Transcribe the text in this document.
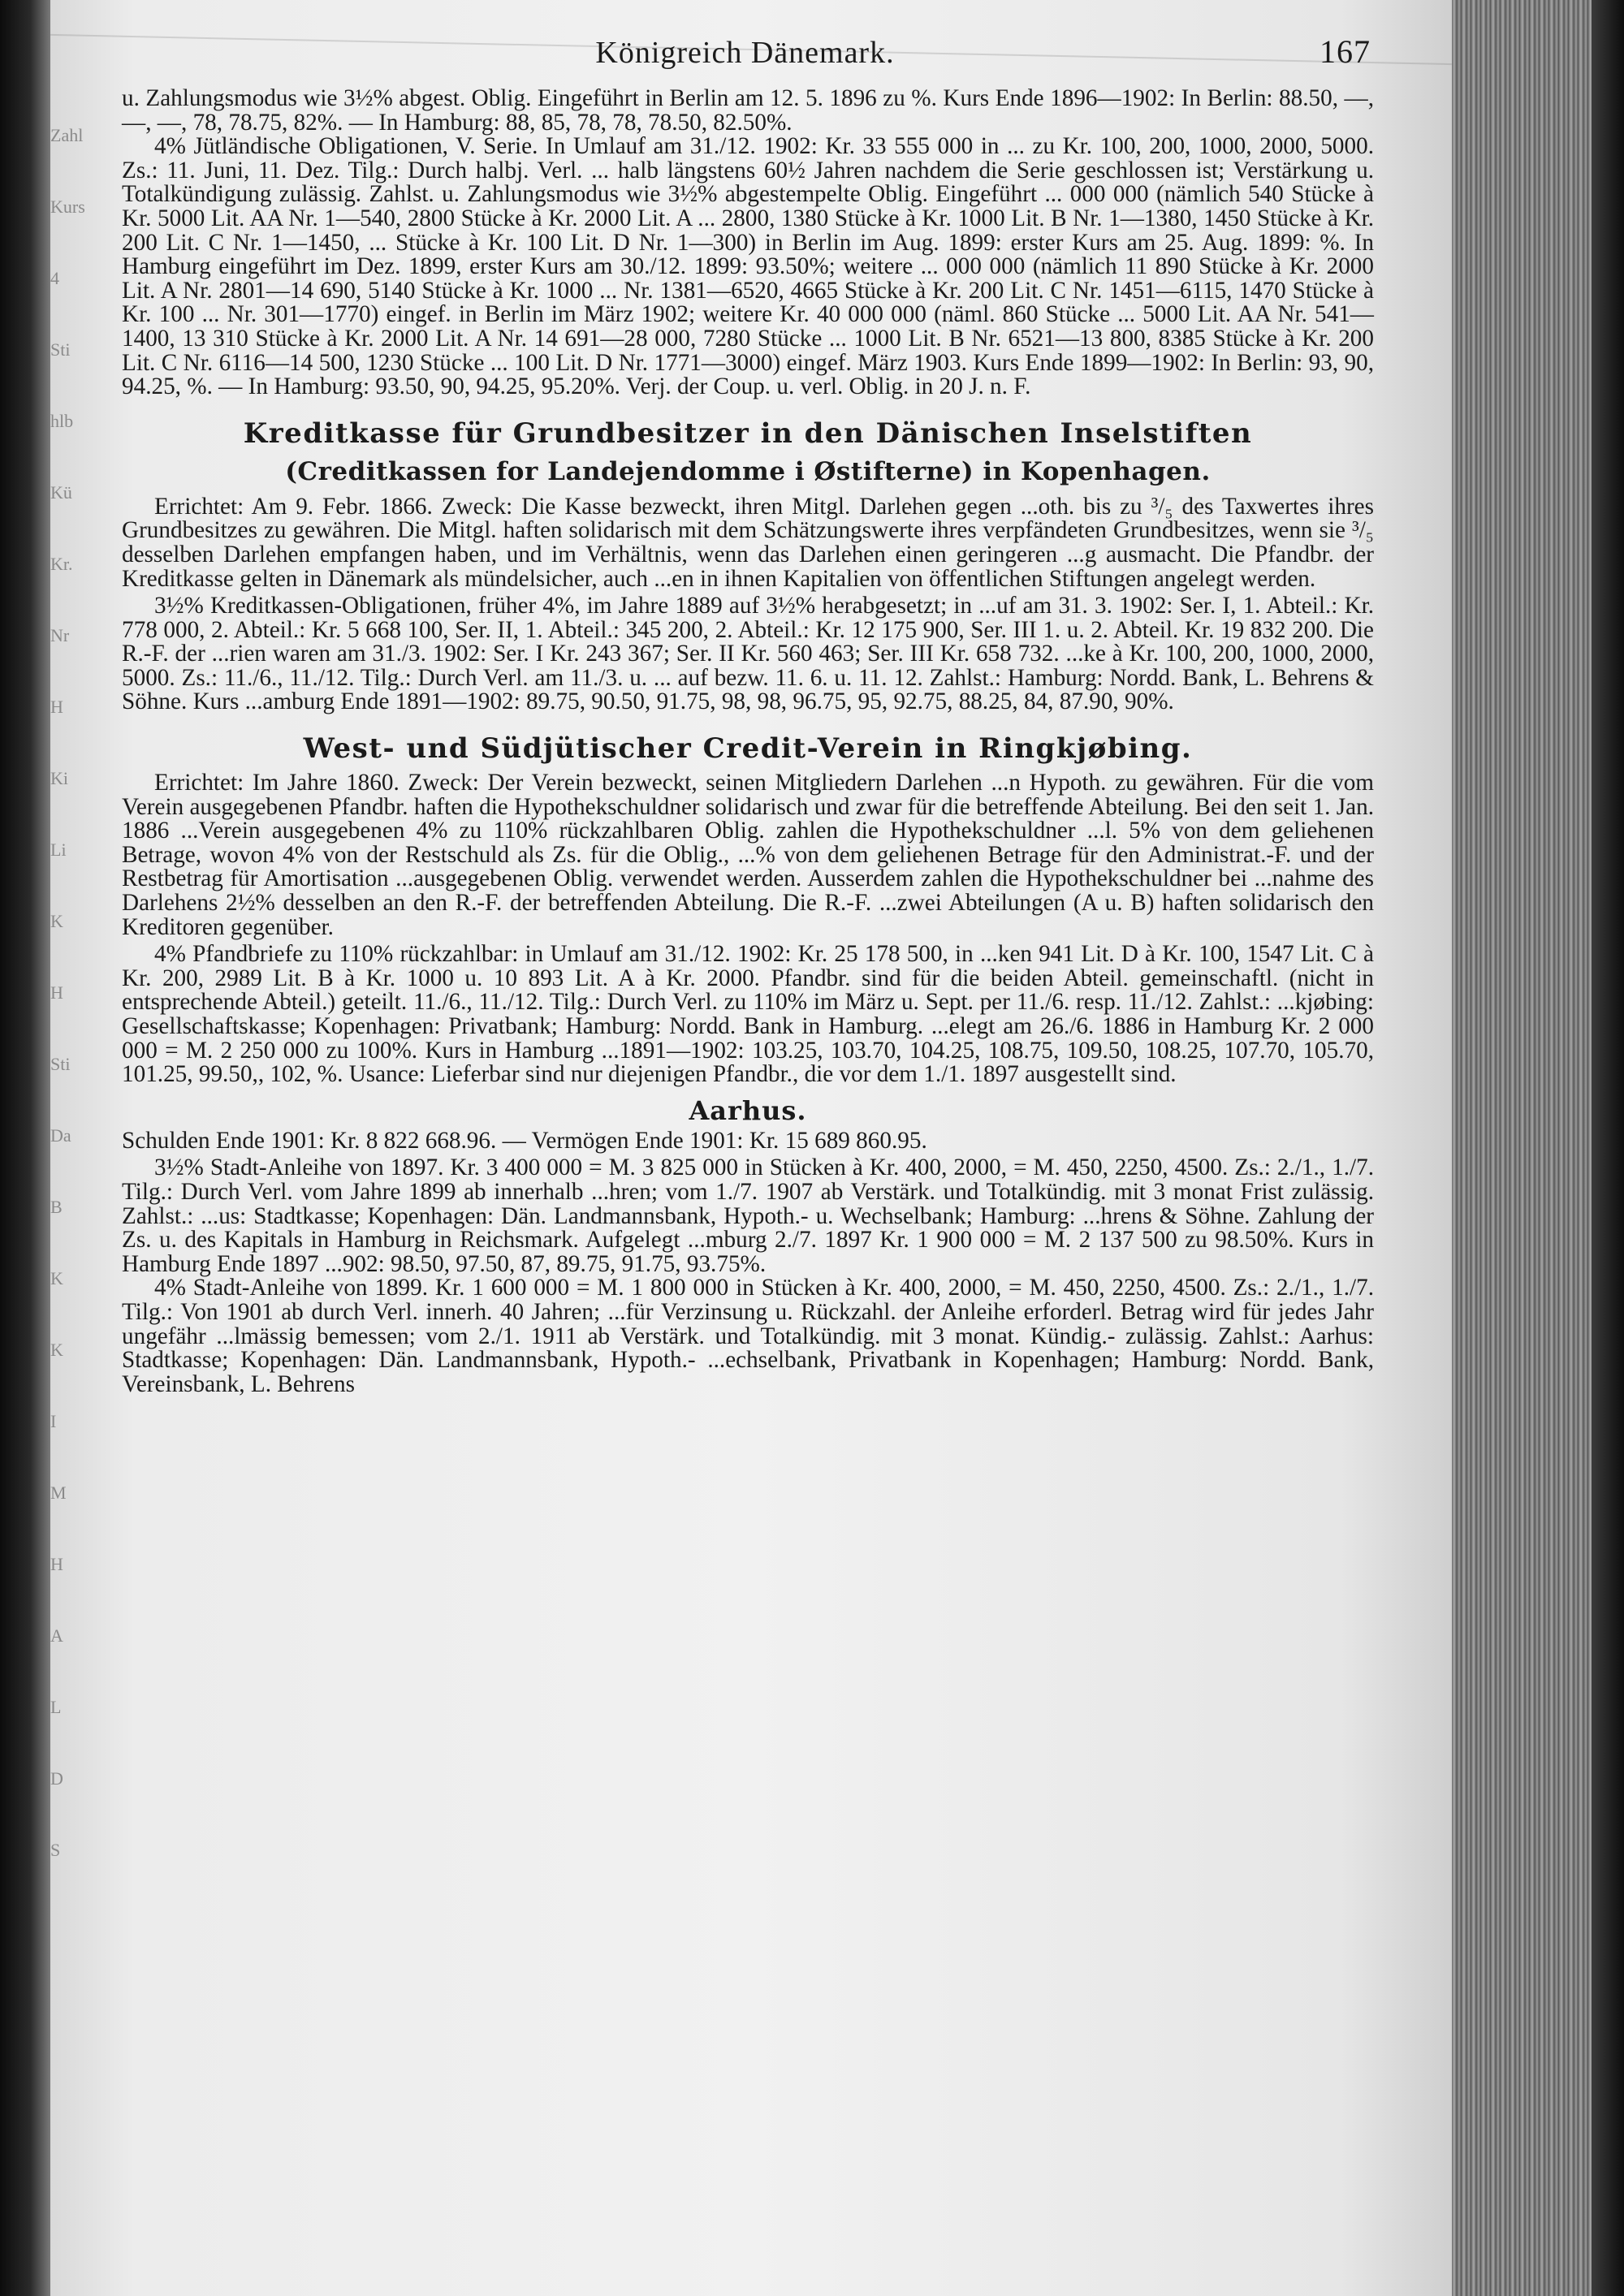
Zahl
Kurs
4
Sti
hlb
Kü
Kr.
Nr
H
Ki
Li
K
H
Sti
Da
B
K
K
I
M
H
A
L
D
S
Königreich Dänemark.	167

u. Zahlungsmodus wie 3½% abgest. Oblig. Eingeführt in Berlin am 12. 5. 1896 zu %. Kurs Ende 1896—1902: In Berlin: 88.50, —, —, —, 78, 78.75, 82%. — In Hamburg: 88, 85, 78, 78, 78.50, 82.50%.

4% Jütländische Obligationen, V. Serie. In Umlauf am 31./12. 1902: Kr. 33 555 000 in ... zu Kr. 100, 200, 1000, 2000, 5000. Zs.: 11. Juni, 11. Dez. Tilg.: Durch halbj. Verl. ... halb längstens 60½ Jahren nachdem die Serie geschlossen ist; Verstärkung u. Totalkündigung zulässig. Zahlst. u. Zahlungsmodus wie 3½% abgestempelte Oblig. Eingeführt ... 000 000 (nämlich 540 Stücke à Kr. 5000 Lit. AA Nr. 1—540, 2800 Stücke à Kr. 2000 Lit. A ... 2800, 1380 Stücke à Kr. 1000 Lit. B Nr. 1—1380, 1450 Stücke à Kr. 200 Lit. C Nr. 1—1450, ... Stücke à Kr. 100 Lit. D Nr. 1—300) in Berlin im Aug. 1899: erster Kurs am 25. Aug. 1899: %. In Hamburg eingeführt im Dez. 1899, erster Kurs am 30./12. 1899: 93.50%; weitere ... 000 000 (nämlich 11 890 Stücke à Kr. 2000 Lit. A Nr. 2801—14 690, 5140 Stücke à Kr. 1000 ... Nr. 1381—6520, 4665 Stücke à Kr. 200 Lit. C Nr. 1451—6115, 1470 Stücke à Kr. 100 ... Nr. 301—1770) eingef. in Berlin im März 1902; weitere Kr. 40 000 000 (näml. 860 Stücke ... 5000 Lit. AA Nr. 541—1400, 13 310 Stücke à Kr. 2000 Lit. A Nr. 14 691—28 000, 7280 Stücke ... 1000 Lit. B Nr. 6521—13 800, 8385 Stücke à Kr. 200 Lit. C Nr. 6116—14 500, 1230 Stücke ... 100 Lit. D Nr. 1771—3000) eingef. März 1903. Kurs Ende 1899—1902: In Berlin: 93, 90, 94.25, %. — In Hamburg: 93.50, 90, 94.25, 95.20%. Verj. der Coup. u. verl. Oblig. in 20 J. n. F.

Kreditkasse für Grundbesitzer in den Dänischen Inselstiften
(Creditkassen for Landejendomme i Østifterne) in Kopenhagen.

Errichtet: Am 9. Febr. 1866. Zweck: Die Kasse bezweckt, ihren Mitgl. Darlehen gegen ...oth. bis zu ³/₅ des Taxwertes ihres Grundbesitzes zu gewähren. Die Mitgl. haften solidarisch mit dem Schätzungswerte ihres verpfändeten Grundbesitzes, wenn sie ³/₅ desselben Darlehen empfangen haben, und im Verhältnis, wenn das Darlehen einen geringeren ...g ausmacht. Die Pfandbr. der Kreditkasse gelten in Dänemark als mündelsicher, auch ...en in ihnen Kapitalien von öffentlichen Stiftungen angelegt werden.

3½% Kreditkassen-Obligationen, früher 4%, im Jahre 1889 auf 3½% herabgesetzt; in ...uf am 31. 3. 1902: Ser. I, 1. Abteil.: Kr. 778 000, 2. Abteil.: Kr. 5 668 100, Ser. II, 1. Abteil.: 345 200, 2. Abteil.: Kr. 12 175 900, Ser. III 1. u. 2. Abteil. Kr. 19 832 200. Die R.-F. der ...rien waren am 31./3. 1902: Ser. I Kr. 243 367; Ser. II Kr. 560 463; Ser. III Kr. 658 732. ...ke à Kr. 100, 200, 1000, 2000, 5000. Zs.: 11./6., 11./12. Tilg.: Durch Verl. am 11./3. u. ... auf bezw. 11. 6. u. 11. 12. Zahlst.: Hamburg: Nordd. Bank, L. Behrens & Söhne. Kurs ...amburg Ende 1891—1902: 89.75, 90.50, 91.75, 98, 98, 96.75, 95, 92.75, 88.25, 84, 87.90, 90%.

West- und Südjütischer Credit-Verein in Ringkjøbing.

Errichtet: Im Jahre 1860. Zweck: Der Verein bezweckt, seinen Mitgliedern Darlehen ...n Hypoth. zu gewähren. Für die vom Verein ausgegebenen Pfandbr. haften die Hypothekschuldner solidarisch und zwar für die betreffende Abteilung. Bei den seit 1. Jan. 1886 ...Verein ausgegebenen 4% zu 110% rückzahlbaren Oblig. zahlen die Hypothekschuldner ...l. 5% von dem geliehenen Betrage, wovon 4% von der Restschuld als Zs. für die Oblig., ...% von dem geliehenen Betrage für den Administrat.-F. und der Restbetrag für Amortisation ...ausgegebenen Oblig. verwendet werden. Ausserdem zahlen die Hypothekschuldner bei ...nahme des Darlehens 2½% desselben an den R.-F. der betreffenden Abteilung. Die R.-F. ...zwei Abteilungen (A u. B) haften solidarisch den Kreditoren gegenüber.

4% Pfandbriefe zu 110% rückzahlbar: in Umlauf am 31./12. 1902: Kr. 25 178 500, in ...ken 941 Lit. D à Kr. 100, 1547 Lit. C à Kr. 200, 2989 Lit. B à Kr. 1000 u. 10 893 Lit. A à Kr. 2000. Pfandbr. sind für die beiden Abteil. gemeinschaftl. (nicht in entsprechende Abteil.) geteilt. 11./6., 11./12. Tilg.: Durch Verl. zu 110% im März u. Sept. per 11./6. resp. 11./12. Zahlst.: ...kjøbing: Gesellschaftskasse; Kopenhagen: Privatbank; Hamburg: Nordd. Bank in Hamburg. ...elegt am 26./6. 1886 in Hamburg Kr. 2 000 000 = M. 2 250 000 zu 100%. Kurs in Hamburg ...1891—1902: 103.25, 103.70, 104.25, 108.75, 109.50, 108.25, 107.70, 105.70, 101.25, 99.50,, 102, %. Usance: Lieferbar sind nur diejenigen Pfandbr., die vor dem 1./1. 1897 ausgestellt sind.

Aarhus.

Schulden Ende 1901: Kr. 8 822 668.96. — Vermögen Ende 1901: Kr. 15 689 860.95.

3½% Stadt-Anleihe von 1897. Kr. 3 400 000 = M. 3 825 000 in Stücken à Kr. 400, 2000, = M. 450, 2250, 4500. Zs.: 2./1., 1./7. Tilg.: Durch Verl. vom Jahre 1899 ab innerhalb ...hren; vom 1./7. 1907 ab Verstärk. und Totalkündig. mit 3 monat Frist zulässig. Zahlst.: ...us: Stadtkasse; Kopenhagen: Dän. Landmannsbank, Hypoth.- u. Wechselbank; Hamburg: ...hrens & Söhne. Zahlung der Zs. u. des Kapitals in Hamburg in Reichsmark. Aufgelegt ...mburg 2./7. 1897 Kr. 1 900 000 = M. 2 137 500 zu 98.50%. Kurs in Hamburg Ende 1897 ...902: 98.50, 97.50, 87, 89.75, 91.75, 93.75%.

4% Stadt-Anleihe von 1899. Kr. 1 600 000 = M. 1 800 000 in Stücken à Kr. 400, 2000, = M. 450, 2250, 4500. Zs.: 2./1., 1./7. Tilg.: Von 1901 ab durch Verl. innerh. 40 Jahren; ...für Verzinsung u. Rückzahl. der Anleihe erforderl. Betrag wird für jedes Jahr ungefähr ...lmässig bemessen; vom 2./1. 1911 ab Verstärk. und Totalkündig. mit 3 monat. Kündig.- zulässig. Zahlst.: Aarhus: Stadtkasse; Kopenhagen: Dän. Landmannsbank, Hypoth.- ...echselbank, Privatbank in Kopenhagen; Hamburg: Nordd. Bank, Vereinsbank, L. Behrens
